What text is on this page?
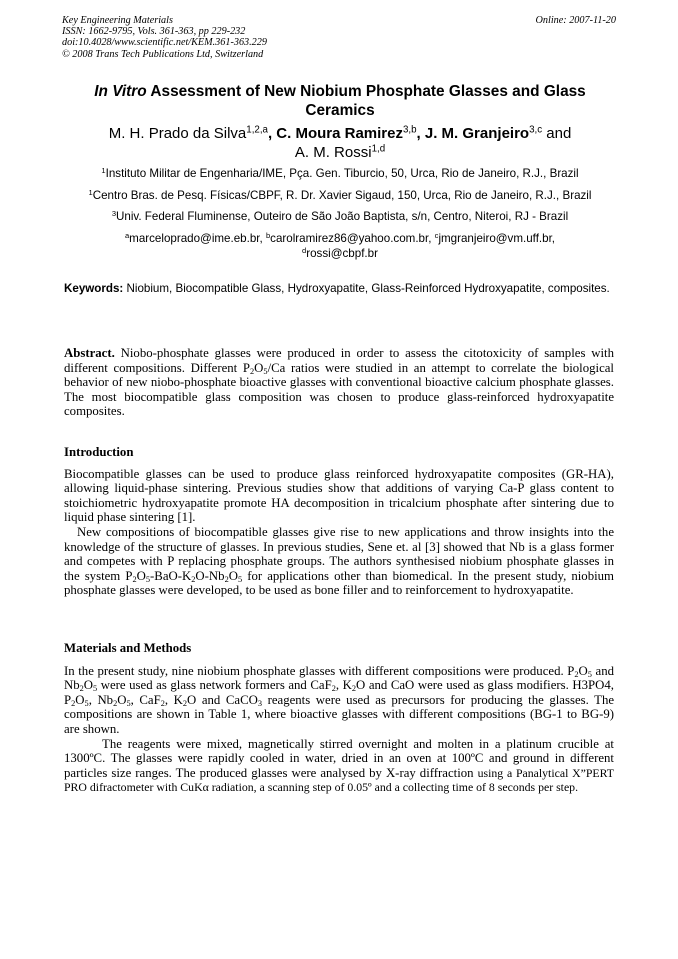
Key Engineering Materials
ISSN: 1662-9795, Vols. 361-363, pp 229-232
doi:10.4028/www.scientific.net/KEM.361-363.229
© 2008 Trans Tech Publications Ltd, Switzerland
Online: 2007-11-20
In Vitro Assessment of New Niobium Phosphate Glasses and Glass Ceramics
M. H. Prado da Silva$^{1,2,a}$, C. Moura Ramirez$^{3,b}$, J. M. Granjeiro$^{3,c}$ and
A. M. Rossi$^{1,d}$
$^1$Instituto Militar de Engenharia/IME, Pça. Gen. Tiburcio, 50, Urca, Rio de Janeiro, R.J., Brazil
$^1$Centro Bras. de Pesq. Físicas/CBPF, R. Dr. Xavier Sigaud, 150, Urca, Rio de Janeiro, R.J., Brazil
$^3$Univ. Federal Fluminense, Outeiro de São João Baptista, s/n, Centro, Niteroi, RJ - Brazil
$^a$marceloprado@ime.eb.br, $^b$carolramirez86@yahoo.com.br, $^c$jmgranjeiro@vm.uff.br,
$^d$rossi@cbpf.br
Keywords: Niobium, Biocompatible Glass, Hydroxyapatite, Glass-Reinforced Hydroxyapatite, composites.

Abstract. Niobo-phosphate glasses were produced in order to assess the citotoxicity of samples with different compositions. Different $P_2O_5/Ca$ ratios were studied in an attempt to correlate the biological behavior of new niobo-phosphate bioactive glasses with conventional bioactive calcium phosphate glasses. The most biocompatible glass composition was chosen to produce glass-reinforced hydroxyapatite composites.

Introduction

Biocompatible glasses can be used to produce glass reinforced hydroxyapatite composites (GR-HA), allowing liquid-phase sintering. Previous studies show that additions of varying Ca-P glass content to stoichiometric hydroxyapatite promote HA decomposition in tricalcium phosphate after sintering due to liquid phase sintering [1].

New compositions of biocompatible glasses give rise to new applications and throw insights into the knowledge of the structure of glasses. In previous studies, Sene et. al [3] showed that Nb is a glass former and competes with P replacing phosphate groups. The authors synthesised niobium phosphate glasses in the system $P_2O_5-BaO-K_2O-Nb_2O_5$ for applications other than biomedical. In the present study, niobium phosphate glasses were developed, to be used as bone filler and to reinforcement to hydroxyapatite.

Materials and Methods

In the present study, nine niobium phosphate glasses with different compositions were produced. $P_2O_5$ and $Nb_2O_5$ were used as glass network formers and CaF$_2$, $K_2O$ and CaO were used as glass modifiers. H3PO4, $P_2O_5$, $Nb_2O_5$, CaF$_2$, $K_2O$ and CaCO$_3$ reagents were used as precursors for producing the glasses. The compositions are shown in Table 1, where bioactive glasses with different compositions (BG-1 to BG-9) are shown.

The reagents were mixed, magnetically stirred overnight and molten in a platinum crucible at 1300ºC. The glasses were rapidly cooled in water, dried in an oven at 100ºC and ground in different particles size ranges. The produced glasses were analysed by X-ray diffraction using a Panalytical X”PERT PRO difractometer with CuKα radiation, a scanning step of 0.05º and a collecting time of 8 seconds per step.
